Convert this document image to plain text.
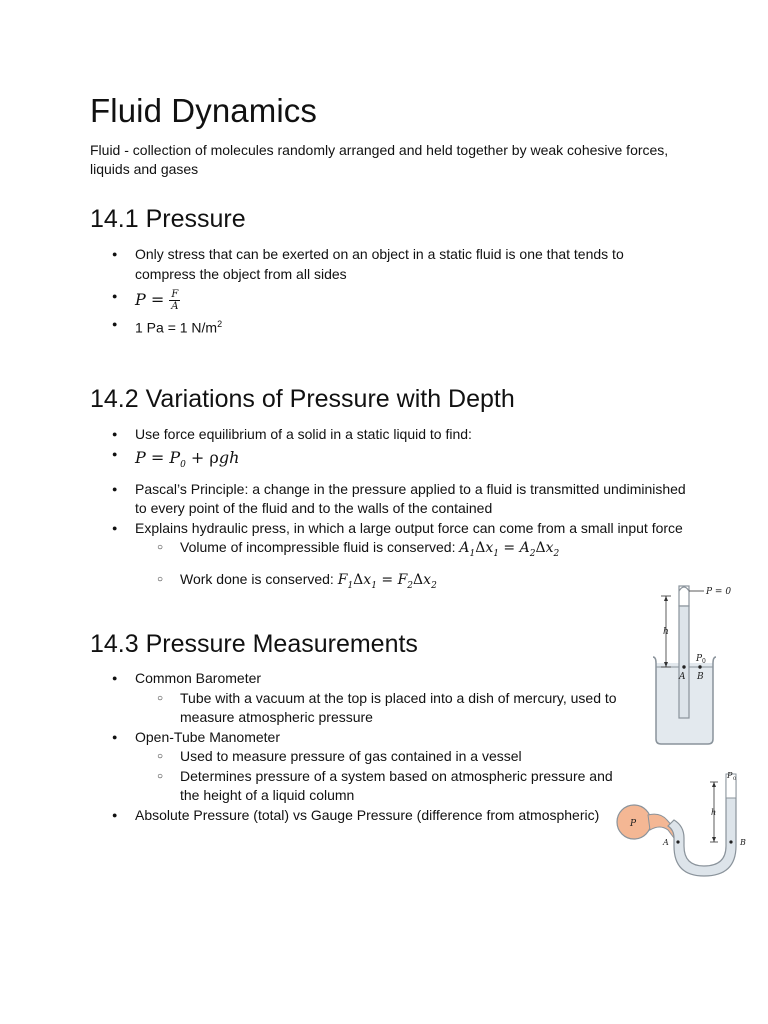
Fluid Dynamics

Fluid - collection of molecules randomly arranged and held together by weak cohesive forces, liquids and gases

14.1 Pressure
● Only stress that can be exerted on an object in a static fluid is one that tends to compress the object from all sides
● $P = \frac{F}{A}$
● 1 Pa = 1 $N/m^2$
14.2 Variations of Pressure with Depth
● Use force equilibrium of a solid in a static liquid to find:
● $P = P_0 + \rho gh$
● Pascal’s Principle: a change in the pressure applied to a fluid is transmitted undiminished to every point of the fluid and to the walls of the contained
● Explains hydraulic press, in which a large output force can come from a small input force
○ Volume of incompressible fluid is conserved: $A_1\Delta x_1 = A_2\Delta x_2$
○ Work done is conserved: $F_1\Delta x_1 = F_2\Delta x_2$
14.3 Pressure Measurements
● Common Barometer
○ Tube with a vacuum at the top is placed into a dish of mercury, used to measure atmospheric pressure
● Open-Tube Manometer
○ Used to measure pressure of gas contained in a vessel
○ Determines pressure of a system based on atmospheric pressure and the height of a liquid column
● Absolute Pressure (total) vs Gauge Pressure (difference from atmospheric)
h
P = 0
A B
P 0
P
h
P 0
A	B
